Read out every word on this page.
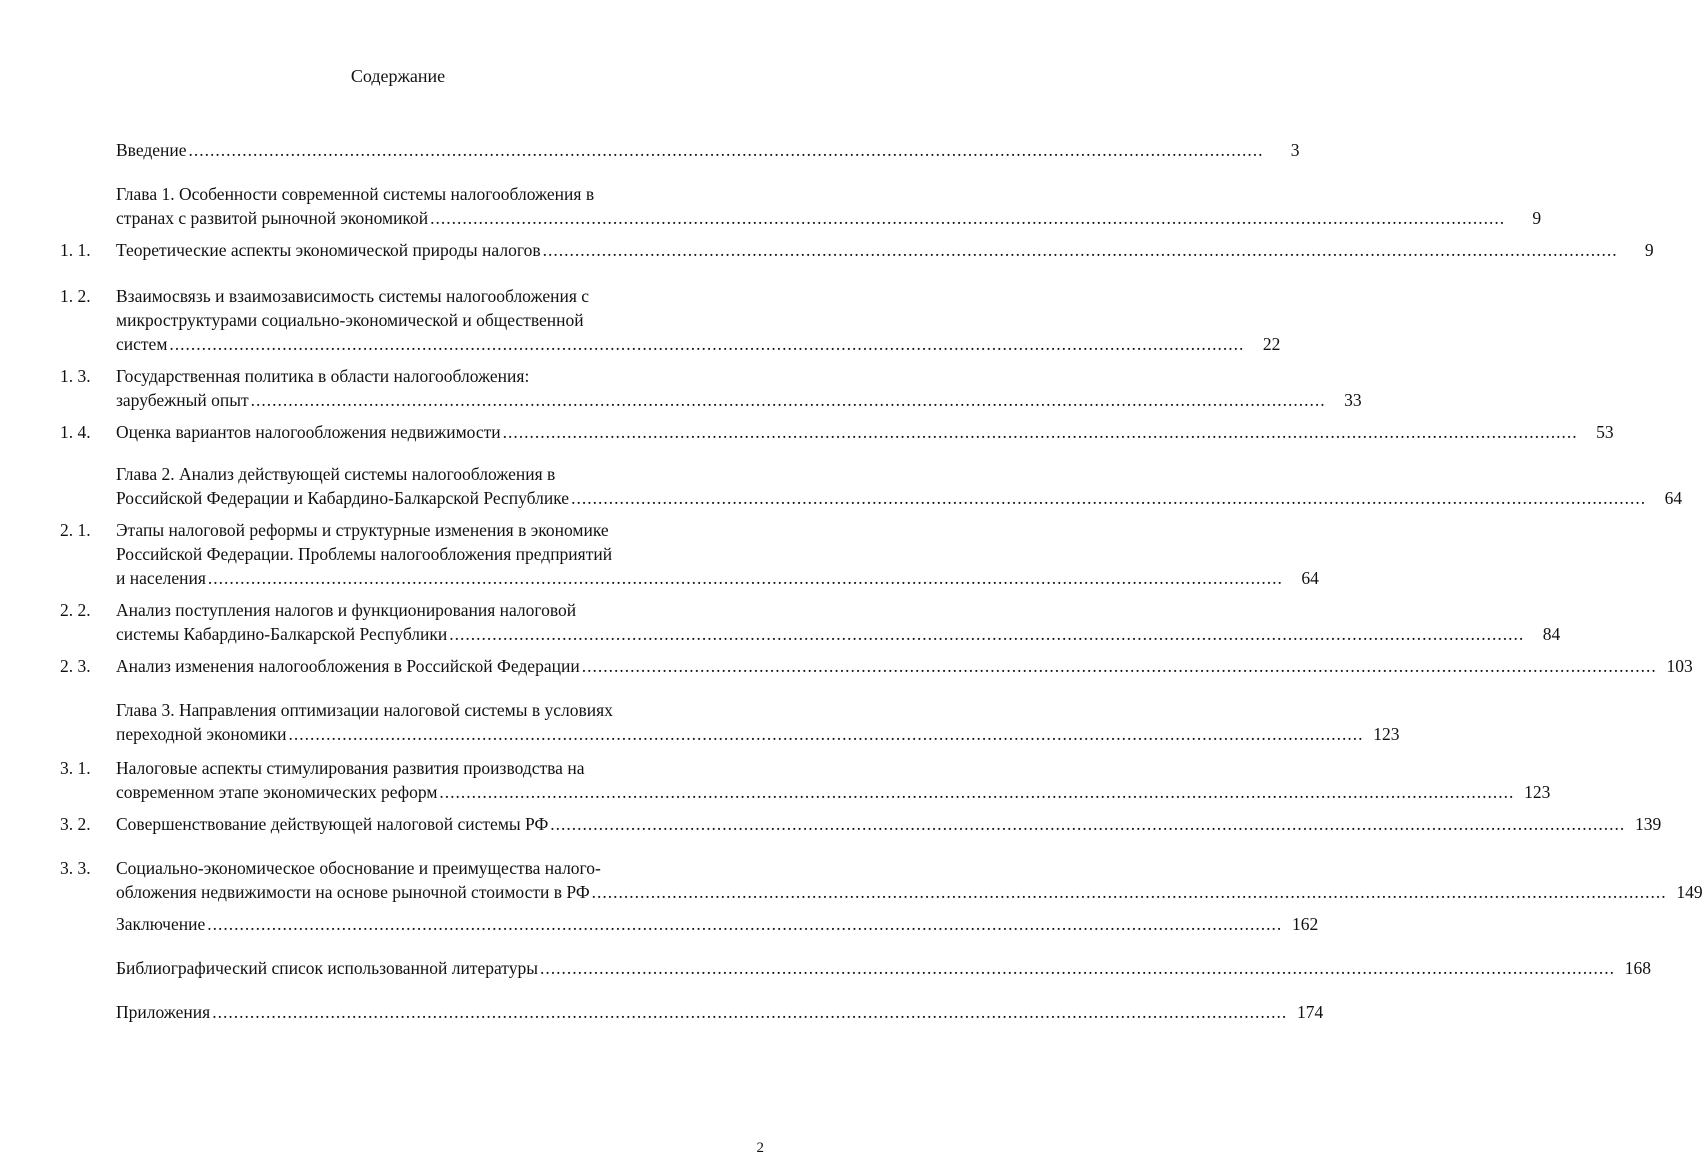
Содержание
Введение ........................................................................................................................................................................................................	3
Глава 1. Особенности современной системы налогообложения в
странах с развитой рыночной экономикой ........................................................................................................................................................................................................	9
1. 1.	Теоретические аспекты экономической природы налогов ........................................................................................................................................................................................................	9
1. 2.	Взаимосвязь и взаимозависимость системы налогообложения с
микроструктурами социально-экономической и общественной
систем ........................................................................................................................................................................................................	22
1. 3.	Государственная политика в области налогообложения:
зарубежный опыт ........................................................................................................................................................................................................	33
1. 4.	Оценка вариантов налогообложения недвижимости ........................................................................................................................................................................................................	53
Глава 2. Анализ действующей системы налогообложения в
Российской Федерации и Кабардино-Балкарской Республике ........................................................................................................................................................................................................	64
2. 1.	Этапы налоговой реформы и структурные изменения в экономике
Российской Федерации. Проблемы налогообложения предприятий
и населения ........................................................................................................................................................................................................	64
2. 2.	Анализ поступления налогов и функционирования налоговой
системы Кабардино-Балкарской Республики ........................................................................................................................................................................................................	84
2. 3.	Анализ изменения налогообложения в Российской Федерации ........................................................................................................................................................................................................ 103
Глава 3. Направления оптимизации налоговой системы в условиях
переходной экономики ........................................................................................................................................................................................................ 123
3. 1.	Налоговые аспекты стимулирования развития производства на
современном этапе экономических реформ ........................................................................................................................................................................................................ 123
3. 2.	Совершенствование действующей налоговой системы РФ ........................................................................................................................................................................................................ 139
3. 3.	Социально-экономическое обоснование и преимущества налого-
обложения недвижимости на основе рыночной стоимости в РФ ........................................................................................................................................................................................................ 149
Заключение ........................................................................................................................................................................................................ 162
Библиографический список использованной литературы ........................................................................................................................................................................................................ 168
Приложения ........................................................................................................................................................................................................ 174
2
